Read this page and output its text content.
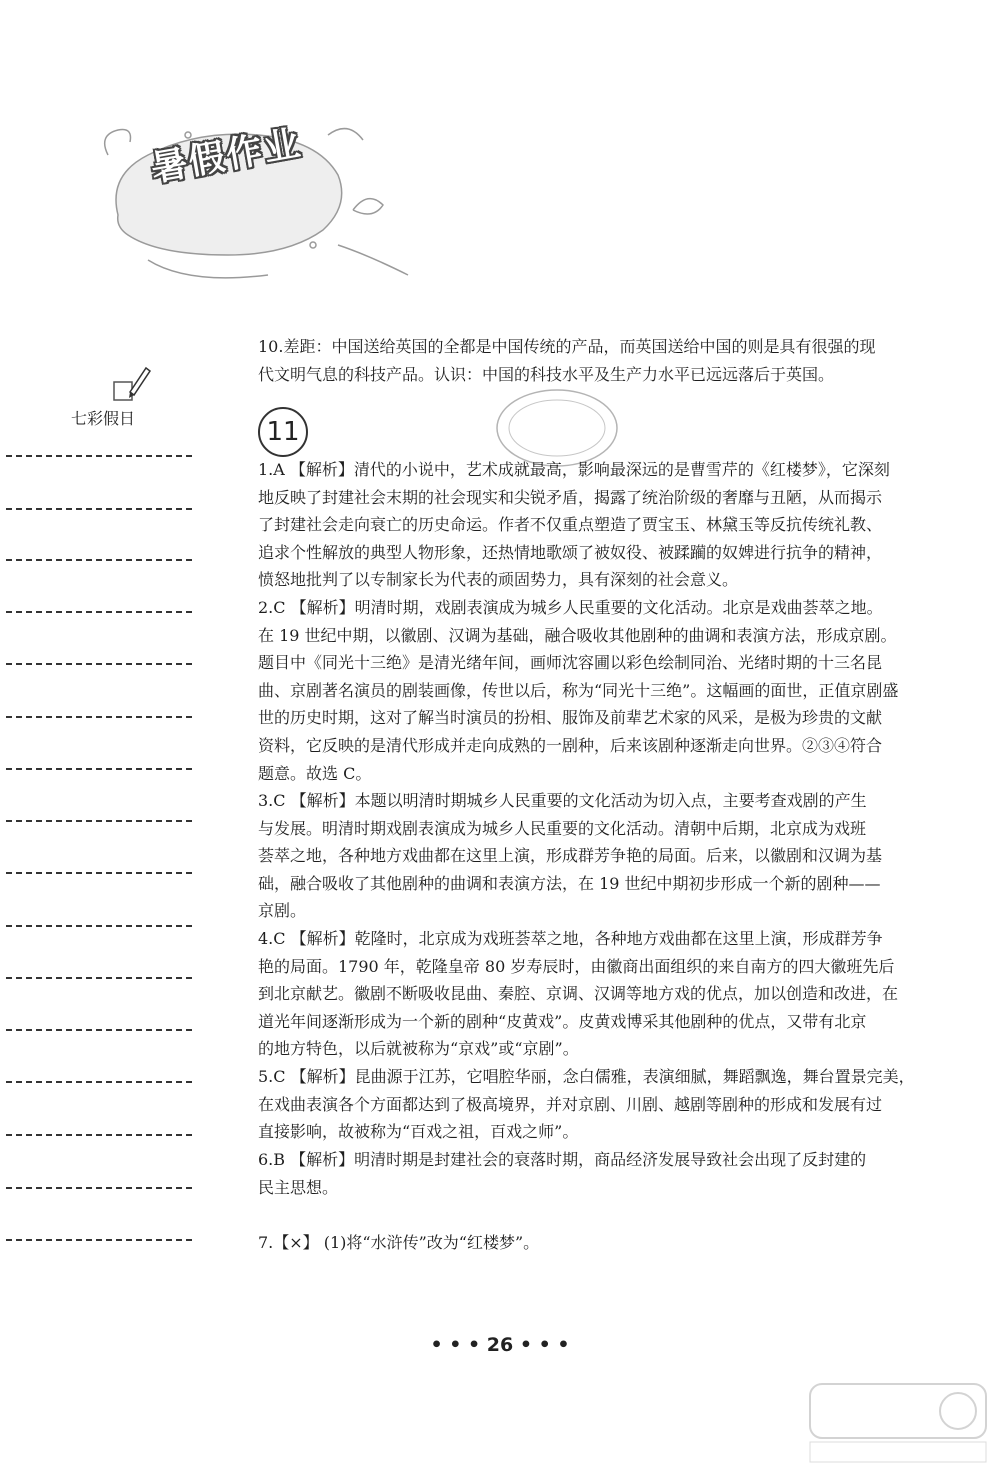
暑假作业
七彩假日

10.差距：中国送给英国的全都是中国传统的产品，而英国送给中国的则是具有很强的现

代文明气息的科技产品。认识：中国的科技水平及生产力水平已远远落后于英国。

11

1.A 【解析】清代的小说中，艺术成就最高，影响最深远的是曹雪芹的《红楼梦》，它深刻

地反映了封建社会末期的社会现实和尖锐矛盾，揭露了统治阶级的奢靡与丑陋，从而揭示

了封建社会走向衰亡的历史命运。作者不仅重点塑造了贾宝玉、林黛玉等反抗传统礼教、

追求个性解放的典型人物形象，还热情地歌颂了被奴役、被蹂躏的奴婢进行抗争的精神，

愤怒地批判了以专制家长为代表的顽固势力，具有深刻的社会意义。

2.C 【解析】明清时期，戏剧表演成为城乡人民重要的文化活动。北京是戏曲荟萃之地。

在 19 世纪中期，以徽剧、汉调为基础，融合吸收其他剧种的曲调和表演方法，形成京剧。

题目中《同光十三绝》是清光绪年间，画师沈容圃以彩色绘制同治、光绪时期的十三名昆

曲、京剧著名演员的剧装画像，传世以后，称为“同光十三绝”。这幅画的面世，正值京剧盛

世的历史时期，这对了解当时演员的扮相、服饰及前辈艺术家的风采，是极为珍贵的文献

资料，它反映的是清代形成并走向成熟的一剧种，后来该剧种逐渐走向世界。②③④符合

题意。故选 C。

3.C 【解析】本题以明清时期城乡人民重要的文化活动为切入点，主要考查戏剧的产生

与发展。明清时期戏剧表演成为城乡人民重要的文化活动。清朝中后期，北京成为戏班

荟萃之地，各种地方戏曲都在这里上演，形成群芳争艳的局面。后来，以徽剧和汉调为基

础，融合吸收了其他剧种的曲调和表演方法，在 19 世纪中期初步形成一个新的剧种——

京剧。

4.C 【解析】乾隆时，北京成为戏班荟萃之地，各种地方戏曲都在这里上演，形成群芳争

艳的局面。1790 年，乾隆皇帝 80 岁寿辰时，由徽商出面组织的来自南方的四大徽班先后

到北京献艺。徽剧不断吸收昆曲、秦腔、京调、汉调等地方戏的优点，加以创造和改进，在

道光年间逐渐形成为一个新的剧种“皮黄戏”。皮黄戏博采其他剧种的优点，又带有北京

的地方特色，以后就被称为“京戏”或“京剧”。

5.C 【解析】昆曲源于江苏，它唱腔华丽，念白儒雅，表演细腻，舞蹈飘逸，舞台置景完美，

在戏曲表演各个方面都达到了极高境界，并对京剧、川剧、越剧等剧种的形成和发展有过

直接影响，故被称为“百戏之祖，百戏之师”。

6.B 【解析】明清时期是封建社会的衰落时期，商品经济发展导致社会出现了反封建的

民主思想。

7.【×】 (1)将“水浒传”改为“红楼梦”。

• • • 26 • • •
